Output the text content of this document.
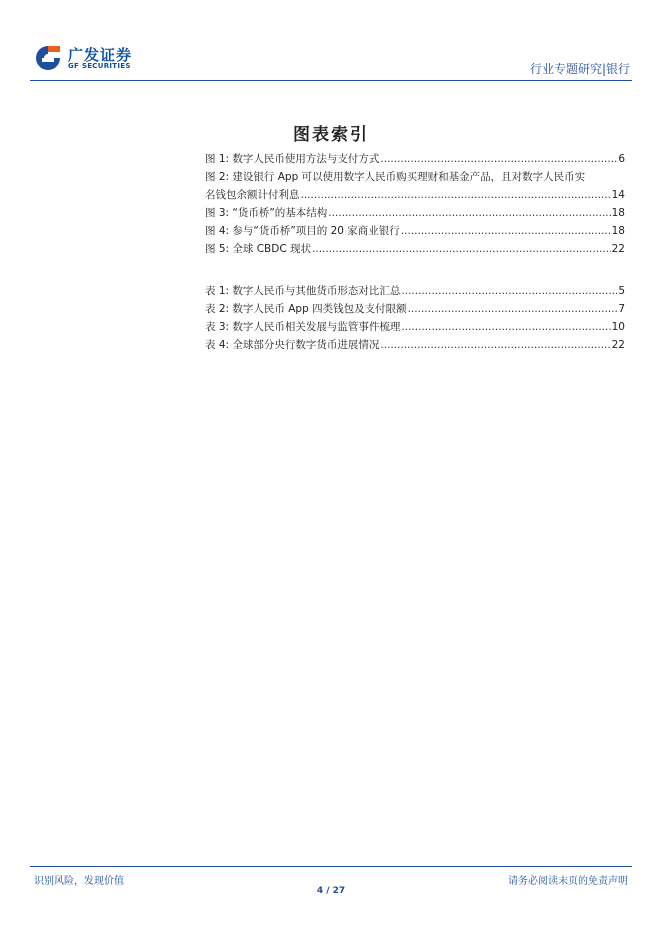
广发证券
GF SECURITIES	行业专题研究|银行
图表索引
图 1: 数字人民币使用方法与支付方式 .....	6
图 2: 建设银行 App 可以使用数字人民币购买理财和基金产品，且对数字人民币实
名钱包余额计付利息 .....	14
图 3: “货币桥”的基本结构 .....	18
图 4: 参与“货币桥”项目的 20 家商业银行 .....	18
图 5: 全球 CBDC 现状 .....	22
表 1: 数字人民币与其他货币形态对比汇总 .....	5
表 2: 数字人民币 App 四类钱包及支付限额 .....	7
表 3: 数字人民币相关发展与监管事件梳理 .....	10
表 4: 全球部分央行数字货币进展情况 .....	22
识别风险，发现价值	请务必阅读末页的免责声明
4 / 27
